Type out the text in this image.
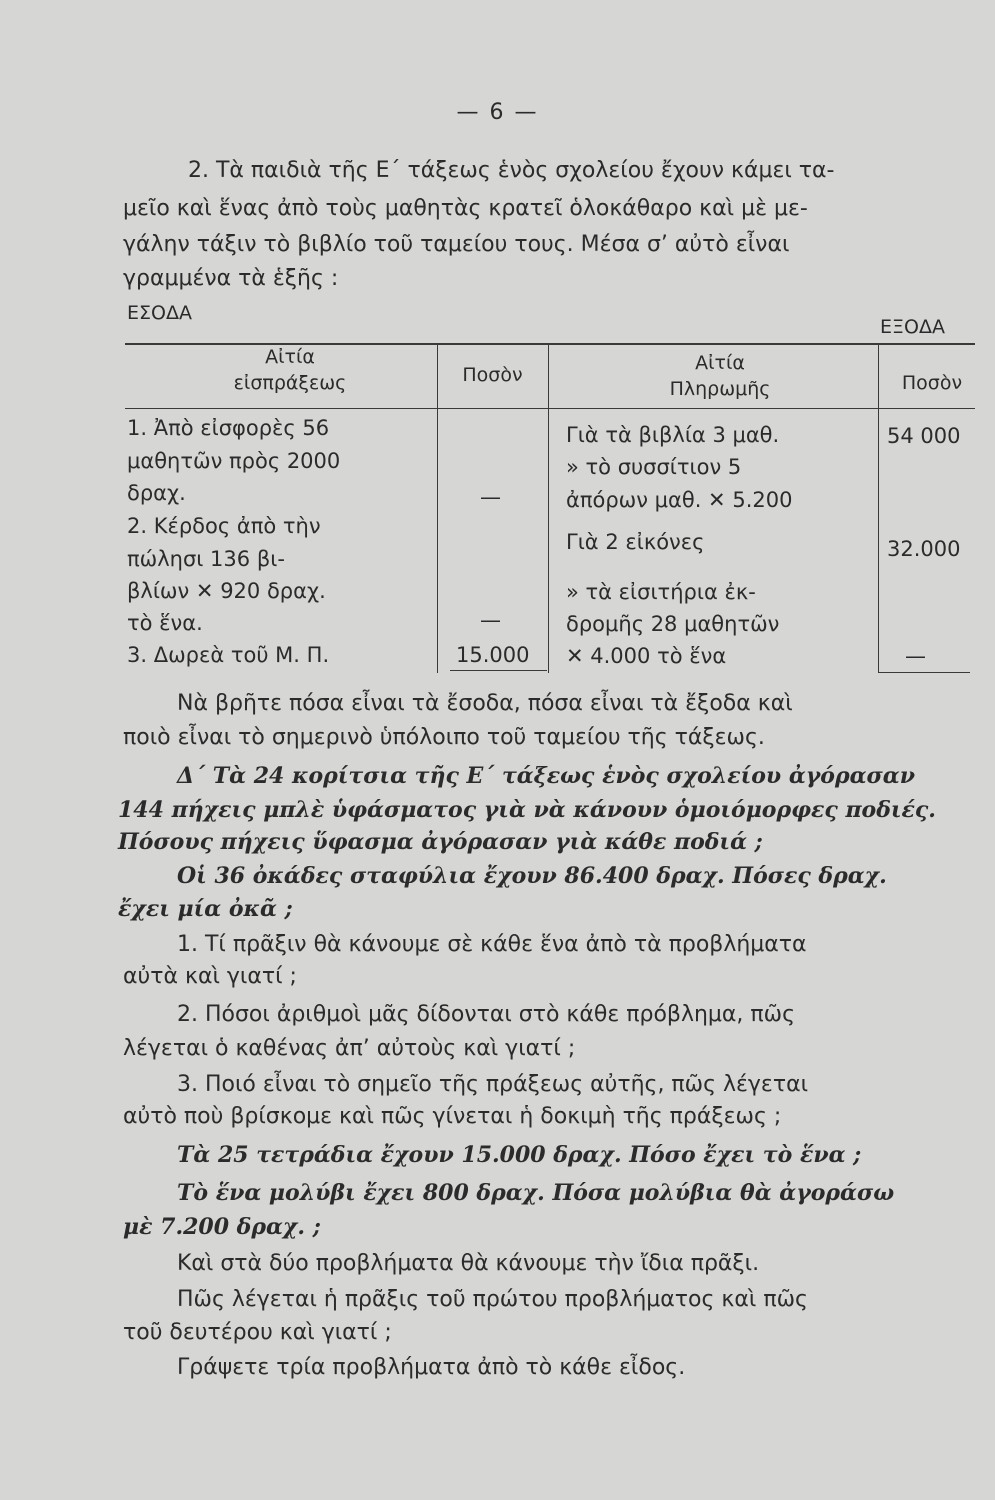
— 6 —
2. Τὰ παιδιὰ τῆς Ε΄ τάξεως ἑνὸς σχολείου ἔχουν κάμει τα-
μεῖο καὶ ἕνας ἀπὸ τοὺς μαθητὰς κρατεῖ ὁλοκάθαρο καὶ μὲ με-
γάλην τάξιν τὸ βιβλίο τοῦ ταμείου τους. Μέσα σ’ αὐτὸ εἶναι
γραμμένα τὰ ἑξῆς :
ΕΣΟΔΑ
ΕΞΟΔΑ
Αἰτία
εἰσπράξεως	Ποσὸν
Αἰτία
Πληρωμῆς	Ποσὸν
1. Ἀπὸ εἰσφορὲς 56
μαθητῶν πρὸς 2000
δραχ.
2. Κέρδος ἀπὸ τὴν
πώλησι 136 βι-
βλίων ✕ 920 δραχ.
τὸ ἕνα.
3. Δωρεὰ τοῦ Μ. Π.
—
—
15.000
Γιὰ τὰ βιβλία 3 μαθ.
» τὸ συσσίτιον 5
ἀπόρων μαθ. ✕ 5.200
Γιὰ 2 εἰκόνες
» τὰ εἰσιτήρια ἐκ-
δρομῆς 28 μαθητῶν
✕ 4.000 τὸ ἕνα
54 000
32.000
—
Νὰ βρῆτε πόσα εἶναι τὰ ἔσοδα, πόσα εἶναι τὰ ἔξοδα καὶ
ποιὸ εἶναι τὸ σημερινὸ ὑπόλοιπο τοῦ ταμείου τῆς τάξεως.
Δ΄ Τὰ 24 κορίτσια τῆς Ε΄ τάξεως ἑνὸς σχολείου ἀγόρασαν
144 πήχεις μπλὲ ὑφάσματος γιὰ νὰ κάνουν ὁμοιόμορφες ποδιές.
Πόσους πήχεις ὕφασμα ἀγόρασαν γιὰ κάθε ποδιά ;
Οἱ 36 ὀκάδες σταφύλια ἔχουν 86.400 δραχ. Πόσες δραχ.
ἔχει μία ὀκᾶ ;
1. Τί πρᾶξιν θὰ κάνουμε σὲ κάθε ἕνα ἀπὸ τὰ προβλήματα
αὐτὰ καὶ γιατί ;
2. Πόσοι ἀριθμοὶ μᾶς δίδονται στὸ κάθε πρόβλημα, πῶς
λέγεται ὁ καθένας ἀπ’ αὐτοὺς καὶ γιατί ;
3. Ποιό εἶναι τὸ σημεῖο τῆς πράξεως αὐτῆς, πῶς λέγεται
αὐτὸ ποὺ βρίσκομε καὶ πῶς γίνεται ἡ δοκιμὴ τῆς πράξεως ;
Τὰ 25 τετράδια ἔχουν 15.000 δραχ. Πόσο ἔχει τὸ ἕνα ;
Τὸ ἕνα μολύβι ἔχει 800 δραχ. Πόσα μολύβια θὰ ἀγοράσω
μὲ 7.200 δραχ. ;
Καὶ στὰ δύο προβλήματα θὰ κάνουμε τὴν ἴδια πρᾶξι.
Πῶς λέγεται ἡ πρᾶξις τοῦ πρώτου προβλήματος καὶ πῶς
τοῦ δευτέρου καὶ γιατί ;
Γράψετε τρία προβλήματα ἀπὸ τὸ κάθε εἶδος.
